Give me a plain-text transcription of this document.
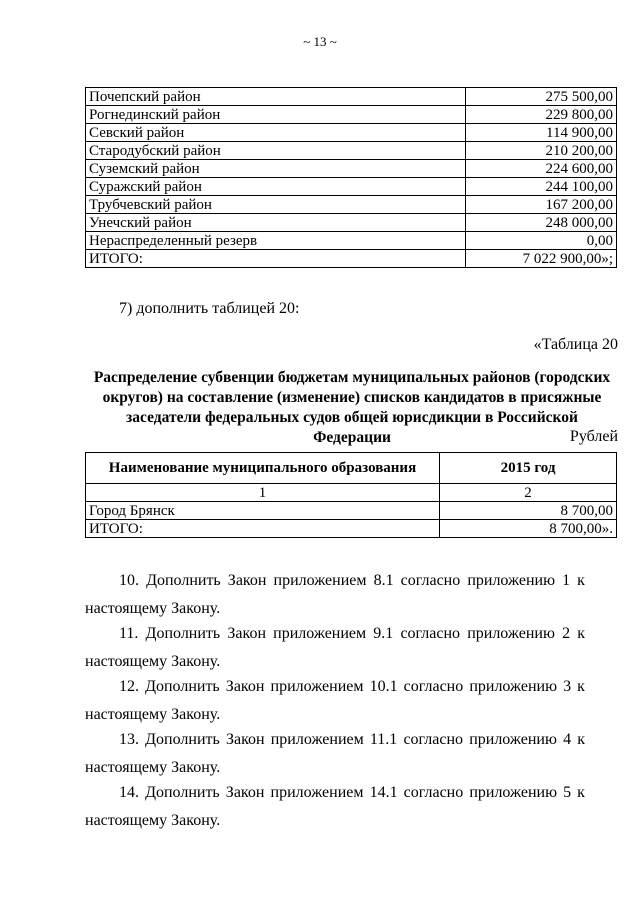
~ 13 ~
Почепский район	275 500,00
Рогнединский район	229 800,00
Севский район	114 900,00
Стародубский район	210 200,00
Суземский район	224 600,00
Суражский район	244 100,00
Трубчевский район	167 200,00
Унечский район	248 000,00
Нераспределенный резерв	0,00
ИТОГО:	7 022 900,00»;
7) дополнить таблицей 20:
«Таблица 20
Распределение субвенции бюджетам муниципальных районов (городских округов) на составление (изменение) списков кандидатов в присяжные заседатели федеральных судов общей юрисдикции в Российской Федерации	Рублей
Наименование муниципального образования	2015 год
1	2
Город Брянск	8 700,00
ИТОГО:	8 700,00».
10. Дополнить Закон приложением 8.1 согласно приложению 1 к
настоящему Закону.
11. Дополнить Закон приложением 9.1 согласно приложению 2 к
настоящему Закону.
12. Дополнить Закон приложением 10.1 согласно приложению 3 к
настоящему Закону.
13. Дополнить Закон приложением 11.1 согласно приложению 4 к
настоящему Закону.
14. Дополнить Закон приложением 14.1 согласно приложению 5 к
настоящему Закону.
